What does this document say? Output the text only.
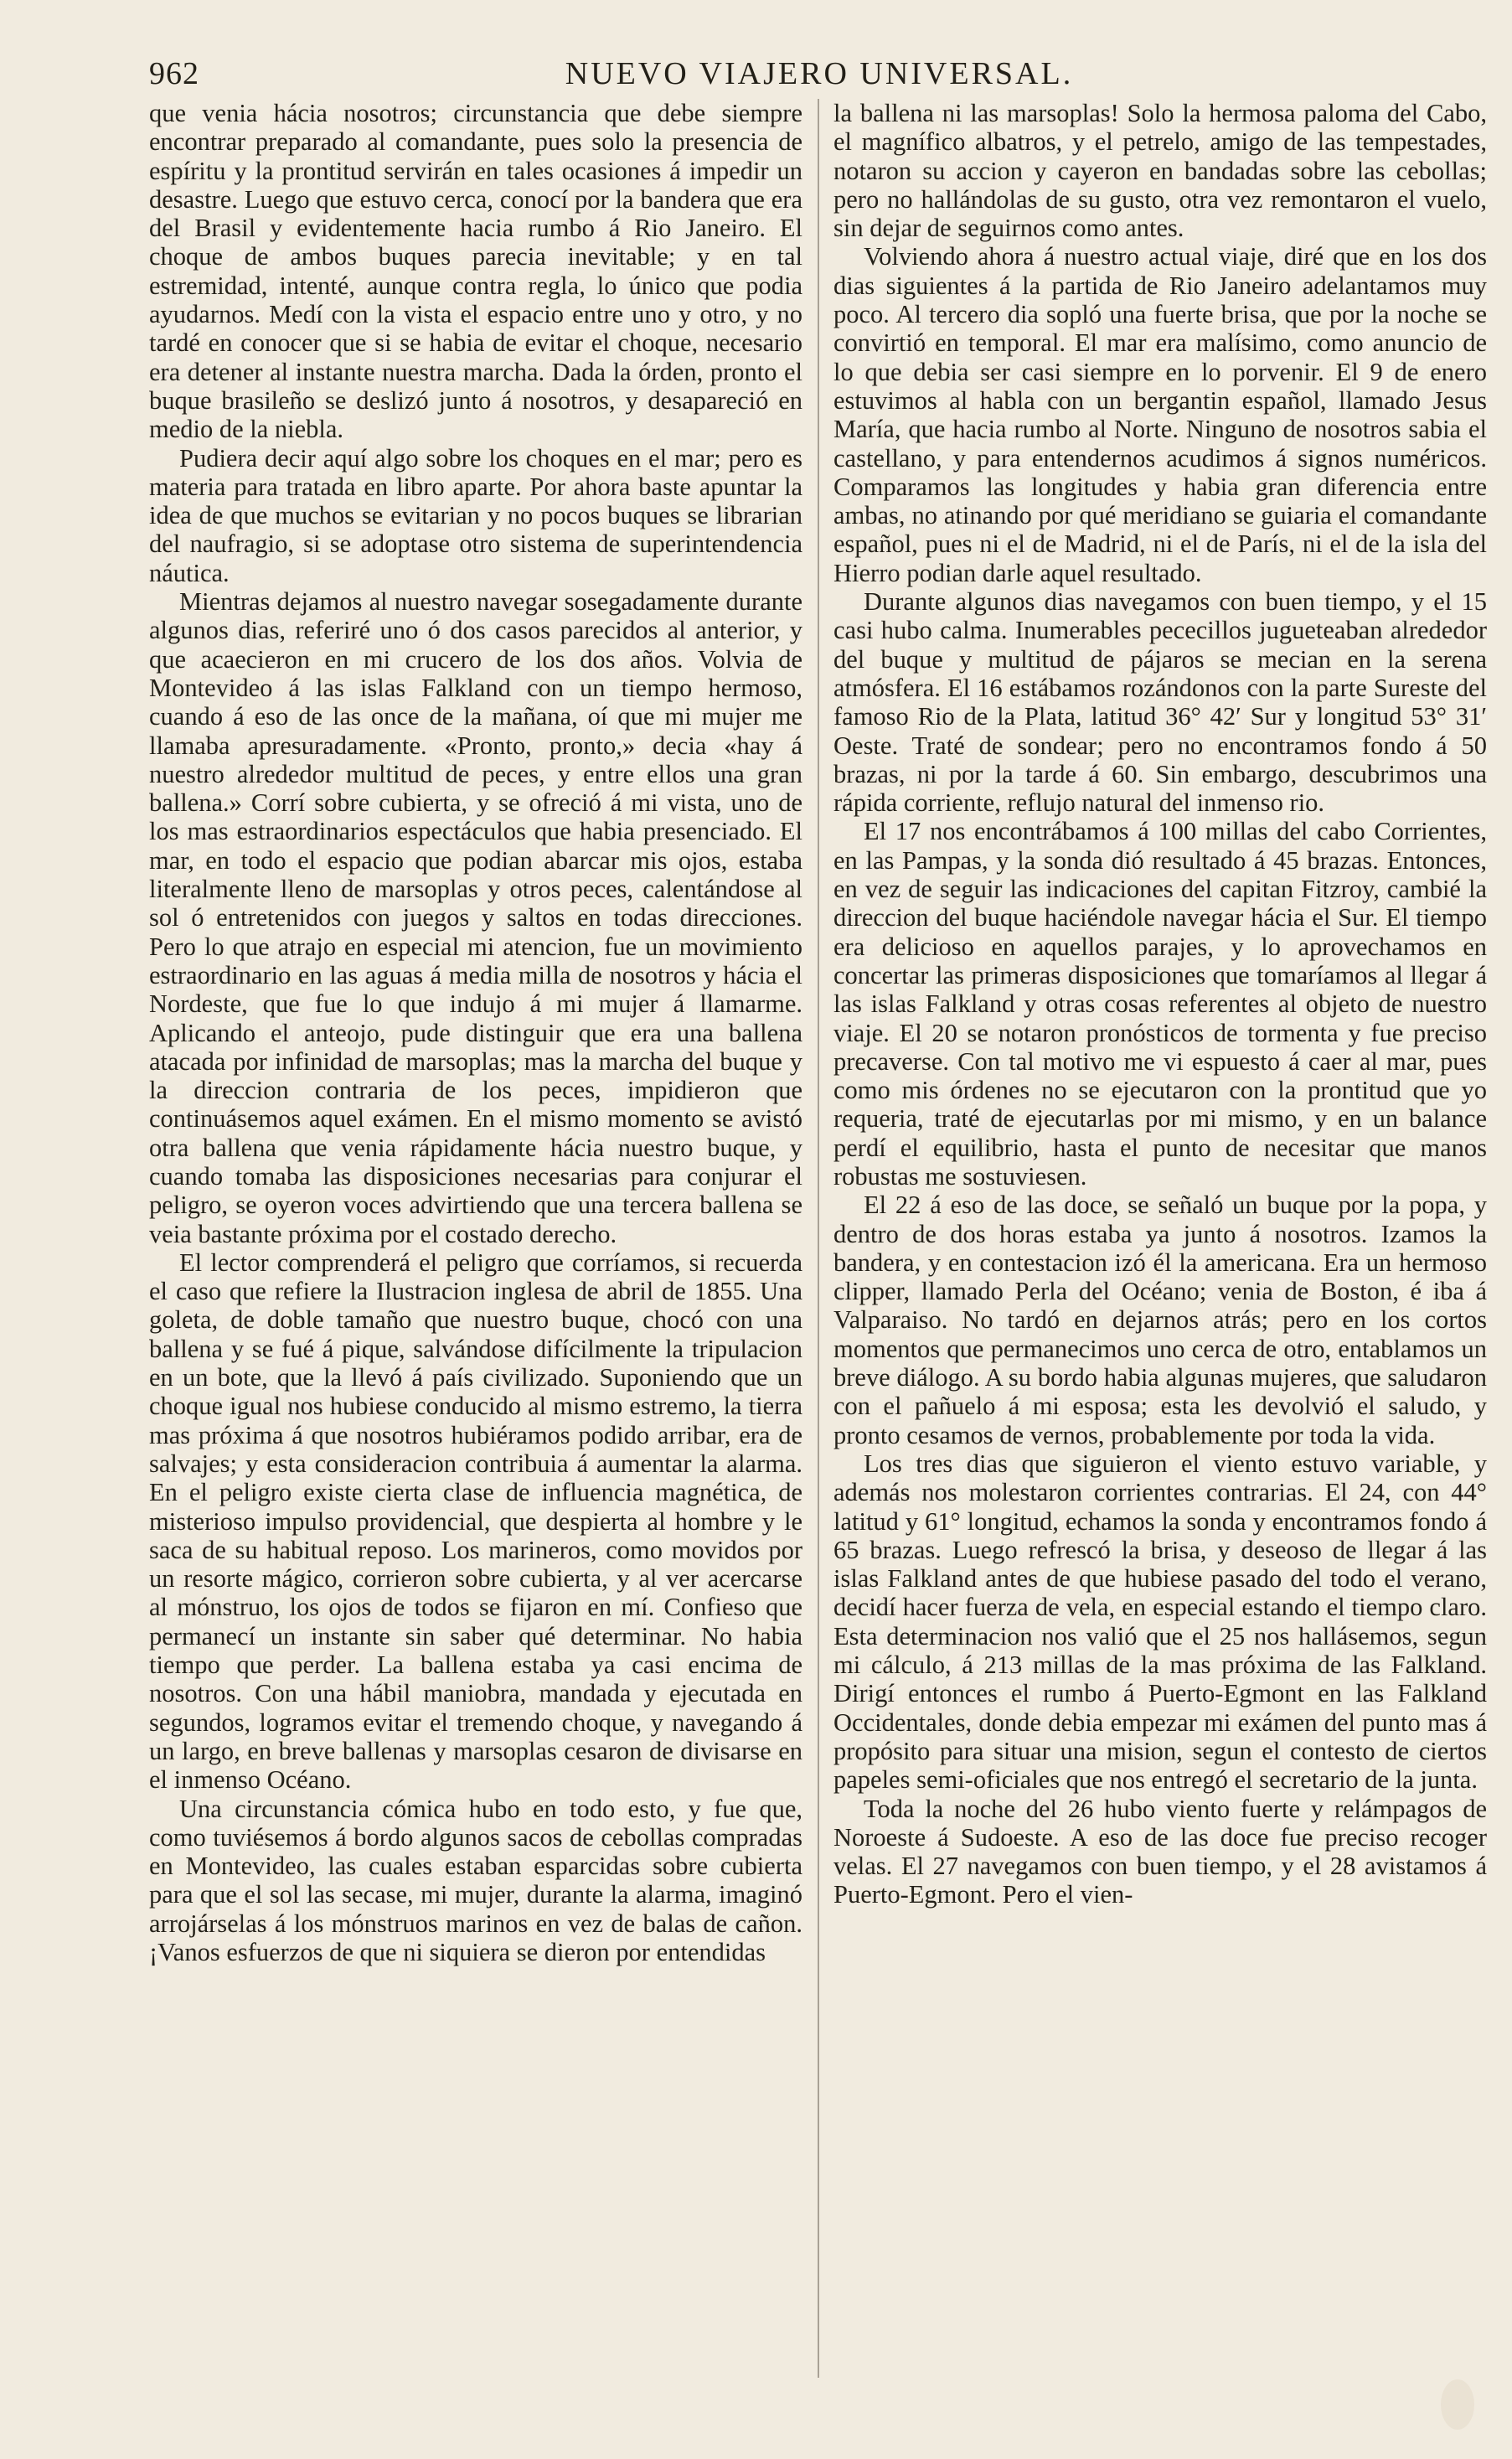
962	NUEVO VIAJERO UNIVERSAL.

que venia hácia nosotros; circunstancia que debe siempre encontrar preparado al comandante, pues solo la presencia de espíritu y la prontitud servirán en tales ocasiones á impedir un desastre. Luego que estuvo cerca, conocí por la bandera que era del Brasil y evidentemente hacia rumbo á Rio Janeiro. El choque de ambos buques parecia inevitable; y en tal estremidad, intenté, aunque contra regla, lo único que podia ayudarnos. Medí con la vista el espacio entre uno y otro, y no tardé en conocer que si se habia de evitar el choque, necesario era detener al instante nuestra marcha. Dada la órden, pronto el buque brasileño se deslizó junto á nosotros, y desapareció en medio de la niebla.

Pudiera decir aquí algo sobre los choques en el mar; pero es materia para tratada en libro aparte. Por ahora baste apuntar la idea de que muchos se evitarian y no pocos buques se librarian del naufragio, si se adoptase otro sistema de superintendencia náutica.

Mientras dejamos al nuestro navegar sosegadamente durante algunos dias, referiré uno ó dos casos parecidos al anterior, y que acaecieron en mi crucero de los dos años. Volvia de Montevideo á las islas Falkland con un tiempo hermoso, cuando á eso de las once de la mañana, oí que mi mujer me llamaba apresuradamente. «Pronto, pronto,» decia «hay á nuestro alrededor multitud de peces, y entre ellos una gran ballena.» Corrí sobre cubierta, y se ofreció á mi vista, uno de los mas estraordinarios espectáculos que habia presenciado. El mar, en todo el espacio que podian abarcar mis ojos, estaba literalmente lleno de marsoplas y otros peces, calentándose al sol ó entretenidos con juegos y saltos en todas direcciones. Pero lo que atrajo en especial mi atencion, fue un movimiento estraordinario en las aguas á media milla de nosotros y hácia el Nordeste, que fue lo que indujo á mi mujer á llamarme. Aplicando el anteojo, pude distinguir que era una ballena atacada por infinidad de marsoplas; mas la marcha del buque y la direccion contraria de los peces, impidieron que continuásemos aquel exámen. En el mismo momento se avistó otra ballena que venia rápidamente hácia nuestro buque, y cuando tomaba las disposiciones necesarias para conjurar el peligro, se oyeron voces advirtiendo que una tercera ballena se veia bastante próxima por el costado derecho.

El lector comprenderá el peligro que corríamos, si recuerda el caso que refiere la Ilustracion inglesa de abril de 1855. Una goleta, de doble tamaño que nuestro buque, chocó con una ballena y se fué á pique, salvándose difícilmente la tripulacion en un bote, que la llevó á país civilizado. Suponiendo que un choque igual nos hubiese conducido al mismo estremo, la tierra mas próxima á que nosotros hubiéramos podido arribar, era de salvajes; y esta consideracion contribuia á aumentar la alarma. En el peligro existe cierta clase de influencia magnética, de misterioso impulso providencial, que despierta al hombre y le saca de su habitual reposo. Los marineros, como movidos por un resorte mágico, corrieron sobre cubierta, y al ver acercarse al mónstruo, los ojos de todos se fijaron en mí. Confieso que permanecí un instante sin saber qué determinar. No habia tiempo que perder. La ballena estaba ya casi encima de nosotros. Con una hábil maniobra, mandada y ejecutada en segundos, logramos evitar el tremendo choque, y navegando á un largo, en breve ballenas y marsoplas cesaron de divisarse en el inmenso Océano.

Una circunstancia cómica hubo en todo esto, y fue que, como tuviésemos á bordo algunos sacos de cebollas compradas en Montevideo, las cuales estaban esparcidas sobre cubierta para que el sol las secase, mi mujer, durante la alarma, imaginó arrojárselas á los mónstruos marinos en vez de balas de cañon. ¡Vanos esfuerzos de que ni siquiera se dieron por entendidas

la ballena ni las marsoplas! Solo la hermosa paloma del Cabo, el magnífico albatros, y el petrelo, amigo de las tempestades, notaron su accion y cayeron en bandadas sobre las cebollas; pero no hallándolas de su gusto, otra vez remontaron el vuelo, sin dejar de seguirnos como antes.

Volviendo ahora á nuestro actual viaje, diré que en los dos dias siguientes á la partida de Rio Janeiro adelantamos muy poco. Al tercero dia sopló una fuerte brisa, que por la noche se convirtió en temporal. El mar era malísimo, como anuncio de lo que debia ser casi siempre en lo porvenir. El 9 de enero estuvimos al habla con un bergantin español, llamado Jesus María, que hacia rumbo al Norte. Ninguno de nosotros sabia el castellano, y para entendernos acudimos á signos numéricos. Comparamos las longitudes y habia gran diferencia entre ambas, no atinando por qué meridiano se guiaria el comandante español, pues ni el de Madrid, ni el de París, ni el de la isla del Hierro podian darle aquel resultado.

Durante algunos dias navegamos con buen tiempo, y el 15 casi hubo calma. Inumerables pececillos jugueteaban alrededor del buque y multitud de pájaros se mecian en la serena atmósfera. El 16 estábamos rozándonos con la parte Sureste del famoso Rio de la Plata, latitud 36° 42′ Sur y longitud 53° 31′ Oeste. Traté de sondear; pero no encontramos fondo á 50 brazas, ni por la tarde á 60. Sin embargo, descubrimos una rápida corriente, reflujo natural del inmenso rio.

El 17 nos encontrábamos á 100 millas del cabo Corrientes, en las Pampas, y la sonda dió resultado á 45 brazas. Entonces, en vez de seguir las indicaciones del capitan Fitzroy, cambié la direccion del buque haciéndole navegar hácia el Sur. El tiempo era delicioso en aquellos parajes, y lo aprovechamos en concertar las primeras disposiciones que tomaríamos al llegar á las islas Falkland y otras cosas referentes al objeto de nuestro viaje. El 20 se notaron pronósticos de tormenta y fue preciso precaverse. Con tal motivo me vi espuesto á caer al mar, pues como mis órdenes no se ejecutaron con la prontitud que yo requeria, traté de ejecutarlas por mi mismo, y en un balance perdí el equilibrio, hasta el punto de necesitar que manos robustas me sostuviesen.

El 22 á eso de las doce, se señaló un buque por la popa, y dentro de dos horas estaba ya junto á nosotros. Izamos la bandera, y en contestacion izó él la americana. Era un hermoso clipper, llamado Perla del Océano; venia de Boston, é iba á Valparaiso. No tardó en dejarnos atrás; pero en los cortos momentos que permanecimos uno cerca de otro, entablamos un breve diálogo. A su bordo habia algunas mujeres, que saludaron con el pañuelo á mi esposa; esta les devolvió el saludo, y pronto cesamos de vernos, probablemente por toda la vida.

Los tres dias que siguieron el viento estuvo variable, y además nos molestaron corrientes contrarias. El 24, con 44° latitud y 61° longitud, echamos la sonda y encontramos fondo á 65 brazas. Luego refrescó la brisa, y deseoso de llegar á las islas Falkland antes de que hubiese pasado del todo el verano, decidí hacer fuerza de vela, en especial estando el tiempo claro. Esta determinacion nos valió que el 25 nos hallásemos, segun mi cálculo, á 213 millas de la mas próxima de las Falkland. Dirigí entonces el rumbo á Puerto-Egmont en las Falkland Occidentales, donde debia empezar mi exámen del punto mas á propósito para situar una mision, segun el contesto de ciertos papeles semi-oficiales que nos entregó el secretario de la junta.

Toda la noche del 26 hubo viento fuerte y relámpagos de Noroeste á Sudoeste. A eso de las doce fue preciso recoger velas. El 27 navegamos con buen tiempo, y el 28 avistamos á Puerto-Egmont. Pero el vien-
